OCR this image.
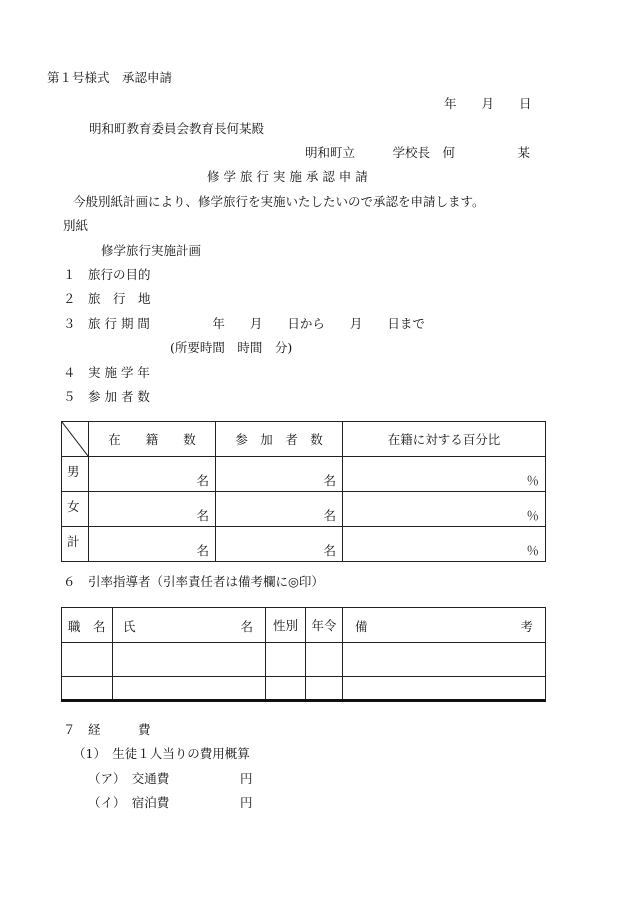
第１号様式　承認申請
年　　月　　日
明和町教育委員会教育長何某殿
明和町立　　　学校長　何　　　　　某
修 学 旅 行 実 施 承 認 申 請
今般別紙計画により、修学旅行を実施いたしたいので承認を申請します。
別紙
修学旅行実施計画
１　旅行の目的
２　旅　行　地
３　旅 行 期 間　　　　　年　　月　　日から　　月　　日まで
(所要時間　時間　分)
４　実 施 学 年
５　参 加 者 数
	在　　籍　　数	参　加　者　数	在籍に対する百分比

男	名	名	％

女	名	名	％

計	名	名	％
６　引率指導者（引率責任者は備考欄に◎印）
職　名	氏 名	性別	年令	備 考

７　経　　　費
（1）　生徒１人当りの費用概算
（ア）　交通費	円
（イ）　宿泊費	円
